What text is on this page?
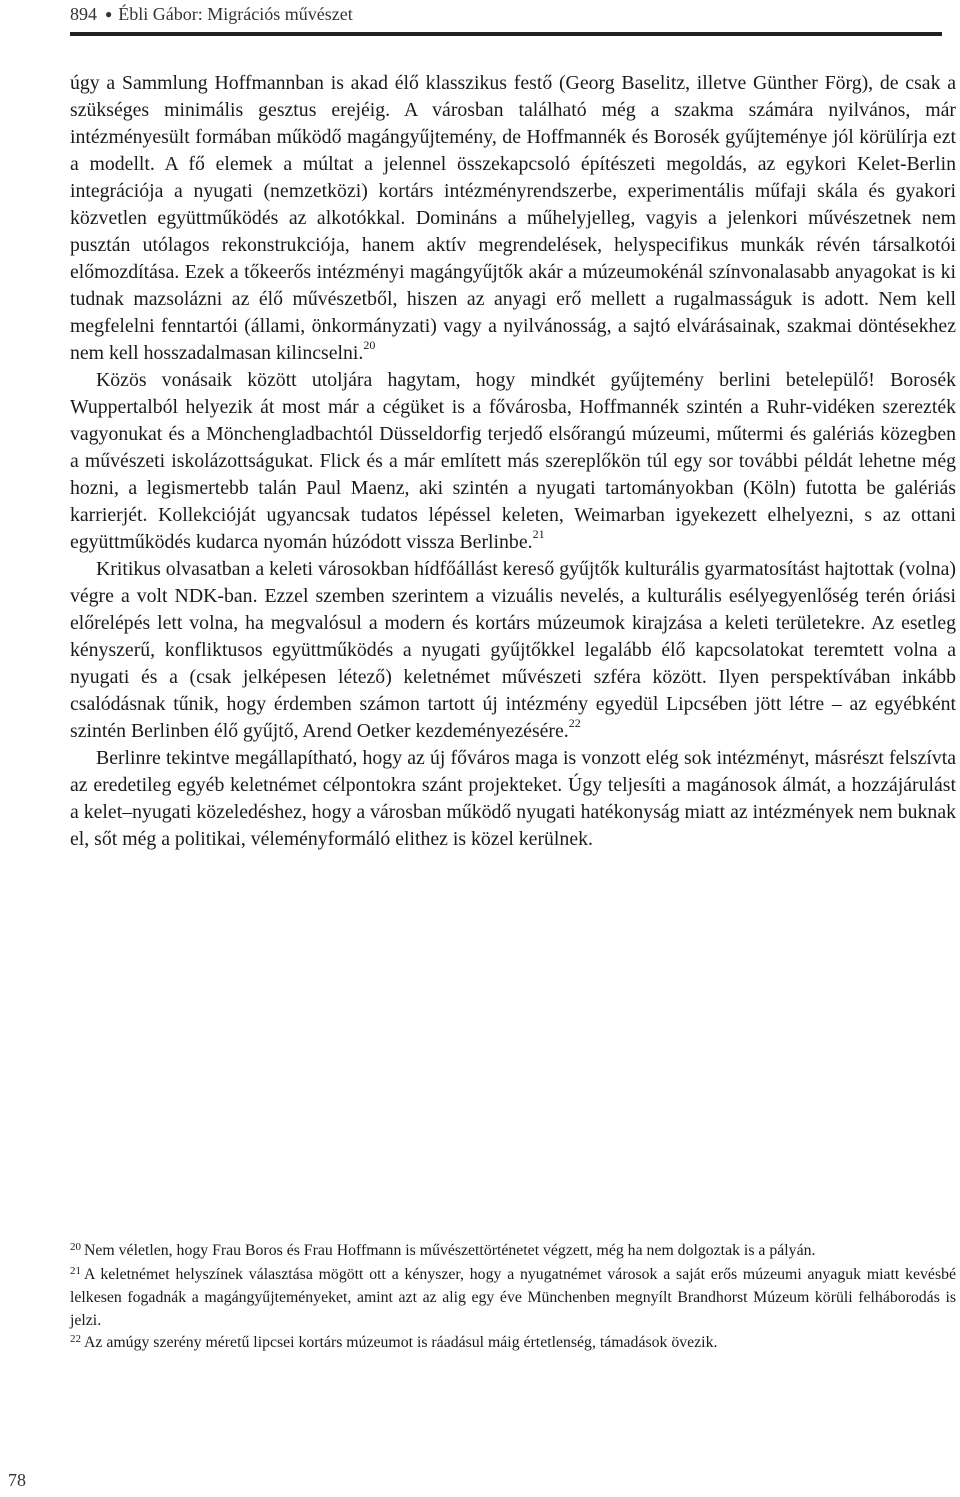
894 ● Ébli Gábor: Migrációs művészet

úgy a Sammlung Hoffmannban is akad élő klasszikus festő (Georg Baselitz, illetve Günther Förg), de csak a szükséges minimális gesztus erejéig. A városban található még a szakma számára nyilvános, már intézményesült formában működő magángyűjtemény, de Hoffmannék és Borosék gyűjteménye jól körülírja ezt a modellt. A fő elemek a múltat a jelennel összekapcsoló építészeti megoldás, az egykori Kelet-Berlin integrációja a nyugati (nemzetközi) kortárs intézményrendszerbe, experimentális műfaji skála és gyakori közvetlen együttműködés az alkotókkal. Domináns a műhelyjelleg, vagyis a jelenkori művészetnek nem pusztán utólagos rekonstrukciója, hanem aktív megrendelések, helyspecifikus munkák révén társalkotói előmozdítása. Ezek a tőkeerős intézményi magángyűjtők akár a múzeumokénál színvonalasabb anyagokat is ki tudnak mazsolázni az élő művészetből, hiszen az anyagi erő mellett a rugalmasságuk is adott. Nem kell megfelelni fenntartói (állami, önkormányzati) vagy a nyilvánosság, a sajtó elvárásainak, szakmai döntésekhez nem kell hosszadalmasan kilincselni.$^{20}$

Közös vonásaik között utoljára hagytam, hogy mindkét gyűjtemény berlini betelepülő! Borosék Wuppertalból helyezik át most már a cégüket is a fővárosba, Hoffmannék szintén a Ruhr-vidéken szerezték vagyonukat és a Mönchengladbachtól Düsseldorfig terjedő elsőrangú múzeumi, műtermi és galériás közegben a művészeti iskolázottságukat. Flick és a már említett más szereplőkön túl egy sor további példát lehetne még hozni, a legismertebb talán Paul Maenz, aki szintén a nyugati tartományokban (Köln) futotta be galériás karrierjét. Kollekcióját ugyancsak tudatos lépéssel keleten, Weimarban igyekezett elhelyezni, s az ottani együttműködés kudarca nyomán húzódott vissza Berlinbe.$^{21}$

Kritikus olvasatban a keleti városokban hídfőállást kereső gyűjtők kulturális gyarmatosítást hajtottak (volna) végre a volt NDK-ban. Ezzel szemben szerintem a vizuális nevelés, a kulturális esélyegyenlőség terén óriási előrelépés lett volna, ha megvalósul a modern és kortárs múzeumok kirajzása a keleti területekre. Az esetleg kényszerű, konfliktusos együttműködés a nyugati gyűjtőkkel legalább élő kapcsolatokat teremtett volna a nyugati és a (csak jelképesen létező) keletnémet művészeti szféra között. Ilyen perspektívában inkább csalódásnak tűnik, hogy érdemben számon tartott új intézmény egyedül Lipcsében jött létre – az egyébként szintén Berlinben élő gyűjtő, Arend Oetker kezdeményezésére.$^{22}$

Berlinre tekintve megállapítható, hogy az új főváros maga is vonzott elég sok intézményt, másrészt felszívta az eredetileg egyéb keletnémet célpontokra szánt projekteket. Úgy teljesíti a magánosok álmát, a hozzájárulást a kelet–nyugati közeledéshez, hogy a városban működő nyugati hatékonyság miatt az intézmények nem buknak el, sőt még a politikai, véleményformáló elithez is közel kerülnek.

$^{20}$ Nem véletlen, hogy Frau Boros és Frau Hoffmann is művészettörténetet végzett, még ha nem dolgoztak is a pályán.

$^{21}$ A keletnémet helyszínek választása mögött ott a kényszer, hogy a nyugatnémet városok a saját erős múzeumi anyaguk miatt kevésbé lelkesen fogadnák a magángyűjteményeket, amint azt az alig egy éve Münchenben megnyílt Brandhorst Múzeum körüli felháborodás is jelzi.

$^{22}$ Az amúgy szerény méretű lipcsei kortárs múzeumot is ráadásul máig értetlenség, támadások övezik.

78
